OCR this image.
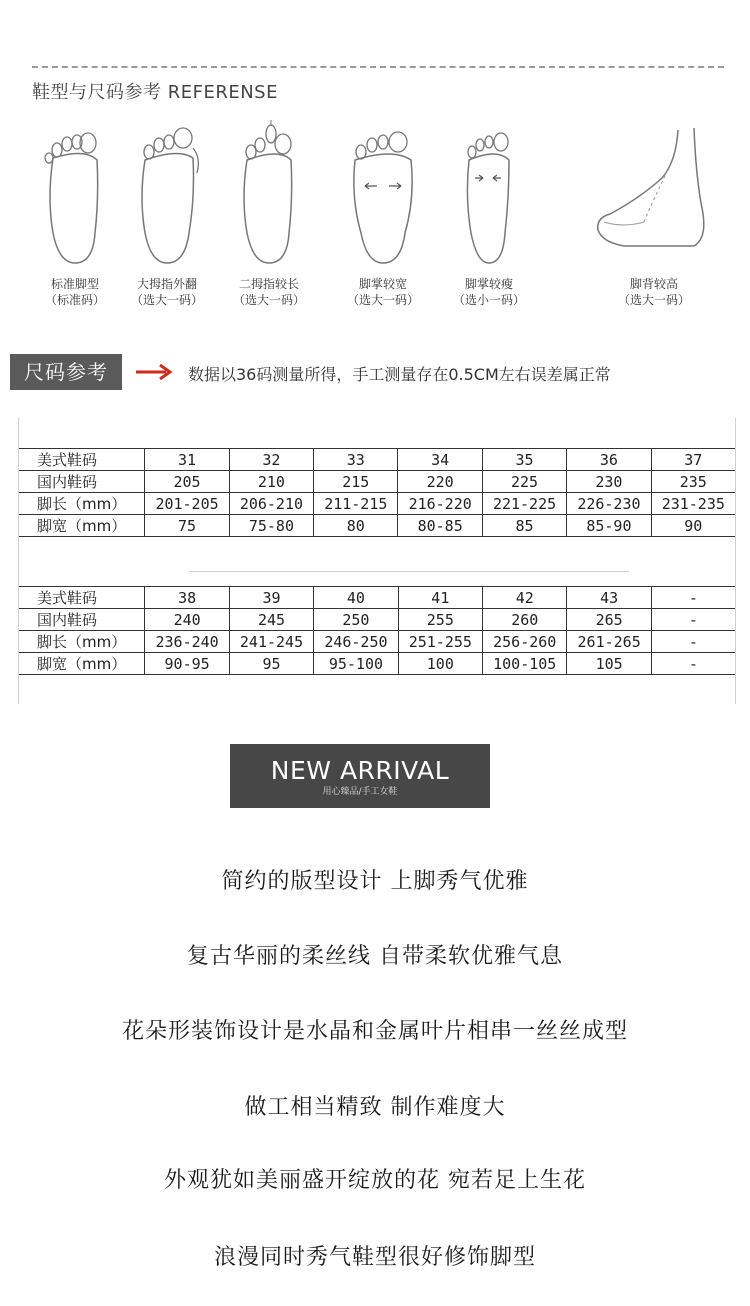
鞋型与尺码参考 REFERENSE
标准脚型
（标准码）
大拇指外翻
（选大一码）
二拇指较长
（选大一码）
脚掌较宽
（选大一码）
脚掌较瘦
（选小一码）
脚背较高
（选大一码）
尺码参考	数据以36码测量所得，手工测量存在0.5CM左右误差属正常
美式鞋码	31	32	33	34	35	36	37
国内鞋码	205	210	215	220	225	230	235
脚长（mm）	201-205	206-210	211-215	216-220	221-225	226-230	231-235
脚宽（mm）	75	75-80	80	80-85	85	85-90	90
美式鞋码	38	39	40	41	42	43	-
国内鞋码	240	245	250	255	260	265	-
脚长（mm）	236-240	241-245	246-250	251-255	256-260	261-265	-
脚宽（mm）	90-95	95	95-100	100	100-105	105	-
NEW ARRIVAL
用心臻品/手工女鞋
简约的版型设计 上脚秀气优雅
复古华丽的柔丝线 自带柔软优雅气息
花朵形装饰设计是水晶和金属叶片相串一丝丝成型
做工相当精致 制作难度大
外观犹如美丽盛开绽放的花 宛若足上生花
浪漫同时秀气鞋型很好修饰脚型
